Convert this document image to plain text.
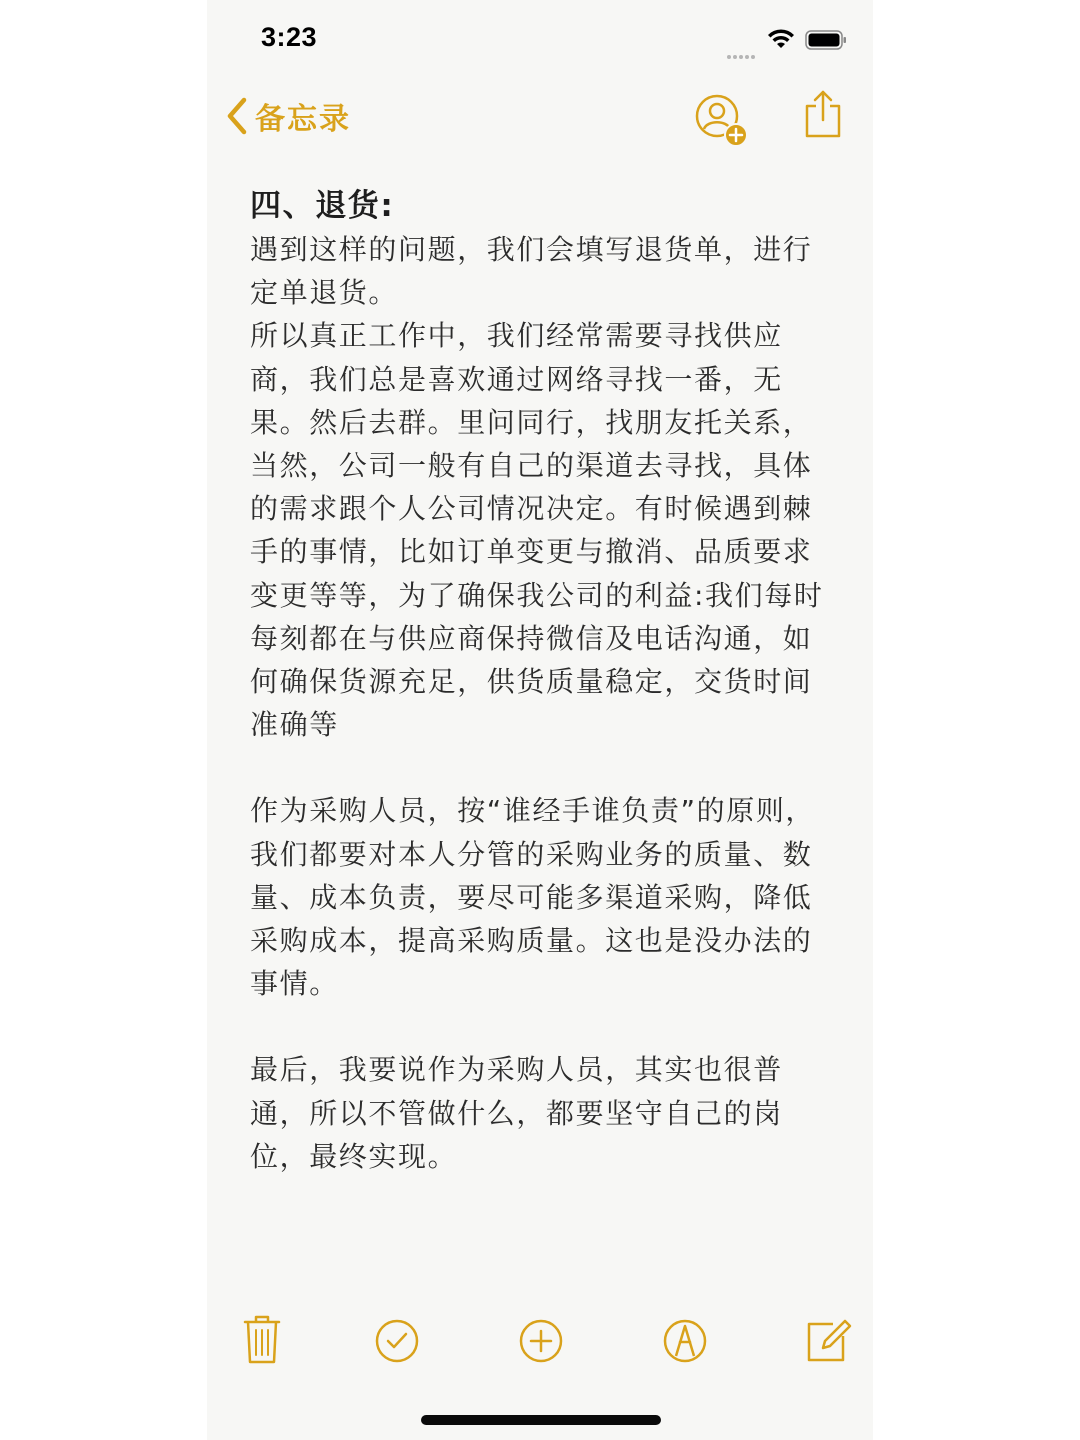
3:23
备忘录

四、退货:

遇到这样的问题，我们会填写退货单，进行定单退货。

所以真正工作中，我们经常需要寻找供应商，我们总是喜欢通过网络寻找一番，无果。然后去群。里问同行，找朋友托关系，当然，公司一般有自己的渠道去寻找，具体的需求跟个人公司情况决定。有时候遇到棘手的事情，比如订单变更与撤消、品质要求变更等等，为了确保我公司的利益:我们每时每刻都在与供应商保持微信及电话沟通，如何确保货源充足，供货质量稳定，交货时间准确等

作为采购人员，按“谁经手谁负责”的原则，我们都要对本人分管的采购业务的质量、数量、成本负责，要尽可能多渠道采购，降低采购成本，提高采购质量。这也是没办法的事情。

最后，我要说作为采购人员，其实也很普通，所以不管做什么，都要坚守自己的岗位，最终实现。
